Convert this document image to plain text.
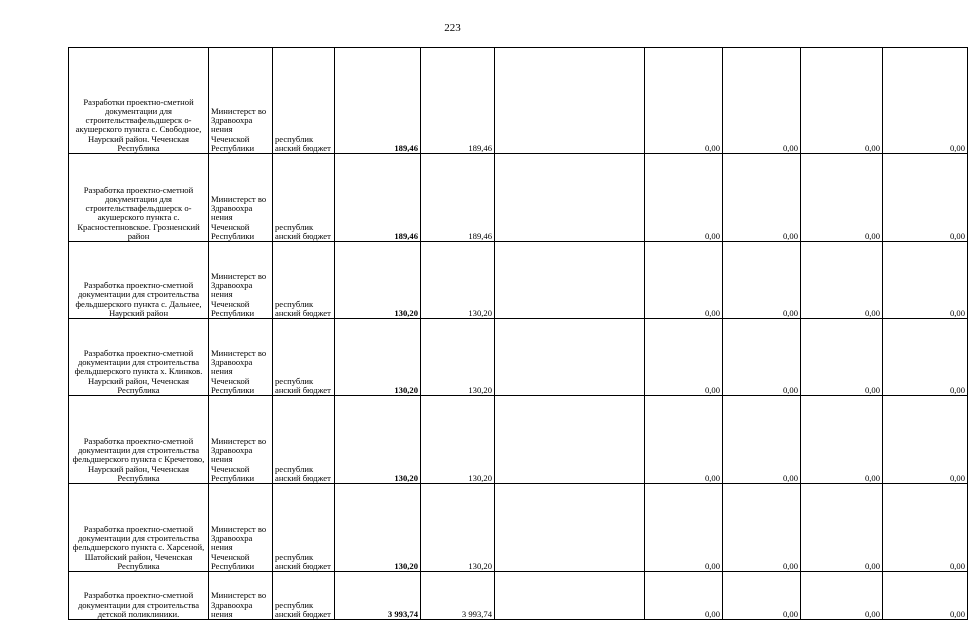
223
Разработки проектно-сметной документации для строительствафельдшерск о- акушерского пункта с. Свободное, Наурский район. Чеченская Республика	Министерст во Здравоохра нения Чеченской Республики	республик анский бюджет	189,46	189,46		0,00	0,00	0,00	0,00
Разработка проектно-сметной документации для строительствафельдшерск о- акушерского пункта с. Красностепновское. Грозненский район	Министерст во Здравоохра нения Чеченской Республики	республик анский бюджет	189,46	189,46		0,00	0,00	0,00	0,00
Разработка проектно-сметной документации для строительства фельдшерского пункта с. Дальнее, Наурский район	Министерст во Здравоохра нения Чеченской Республики	республик анский бюджет	130,20	130,20		0,00	0,00	0,00	0,00
Разработка проектно-сметной документации для строительства фельдшерского пункта х. Клинков. Наурский район, Чеченская Республика	Министерст во Здравоохра нения Чеченской Республики	республик анский бюджет	130,20	130,20		0,00	0,00	0,00	0,00
Разработка проектно-сметной документации для строительства фельдшерского пункта с Кречетово, Наурский район, Чеченская Республика	Министерст во Здравоохра нения Чеченской Республики	республик анский бюджет	130,20	130,20		0,00	0,00	0,00	0,00
Разработка проектно-сметной документации для строительства фельдшерского пункта с. Харсеной, Шатойский район, Чеченская Республика	Министерст во Здравоохра нения Чеченской Республики	республик анский бюджет	130,20	130,20		0,00	0,00	0,00	0,00
Разработка проектно-сметной документации для строительства детской поликлиники.	Министерст во Здравоохра нения	республик анский бюджет	3 993,74	3 993,74		0,00	0,00	0,00	0,00
